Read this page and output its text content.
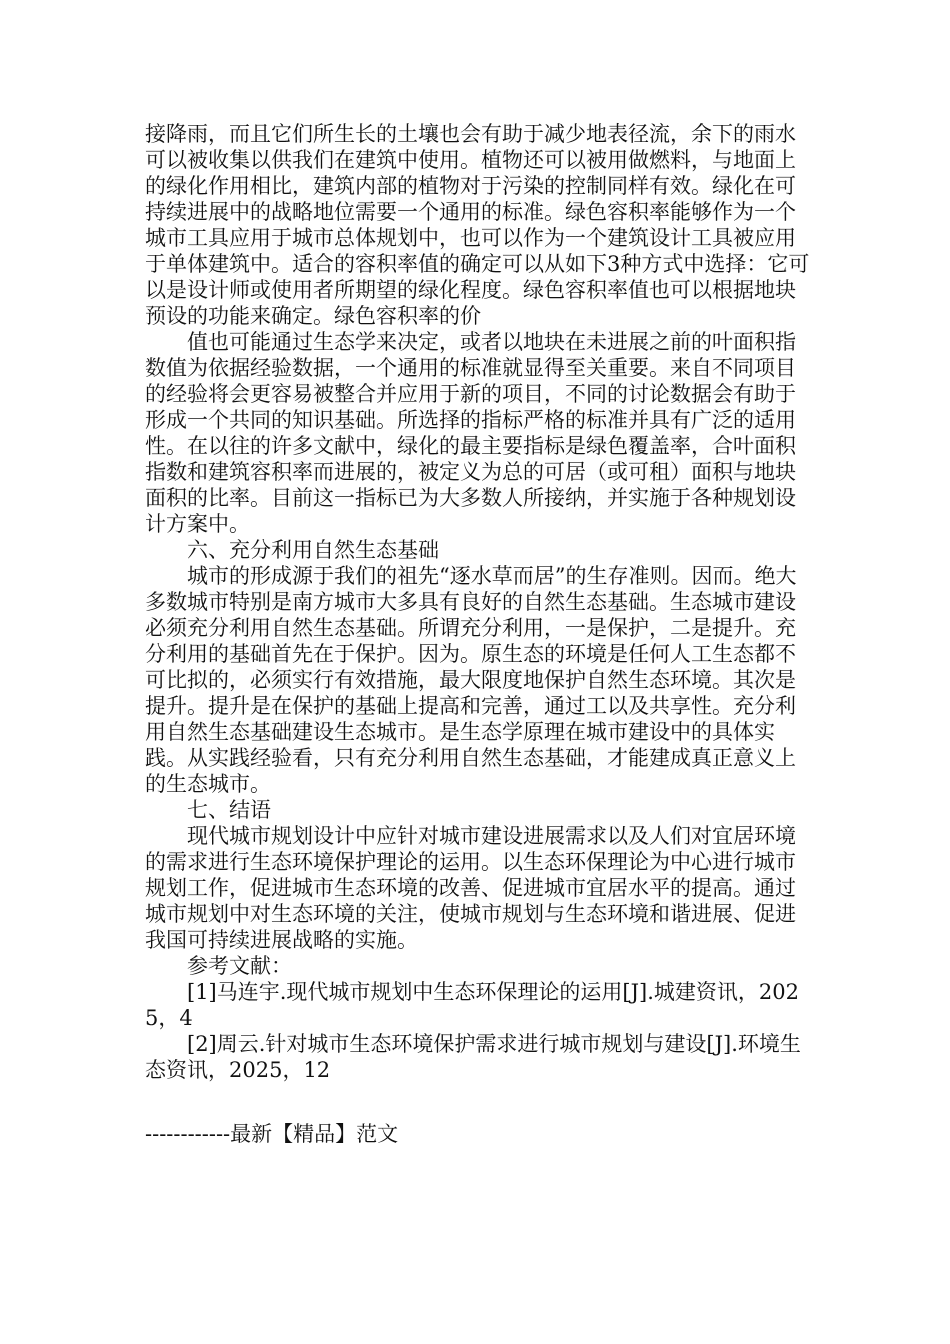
接降雨，而且它们所生长的土壤也会有助于减少地表径流，余下的雨水可以被收集以供我们在建筑中使用。植物还可以被用做燃料，与地面上的绿化作用相比，建筑内部的植物对于污染的控制同样有效。绿化在可持续进展中的战略地位需要一个通用的标准。绿色容积率能够作为一个城市工具应用于城市总体规划中，也可以作为一个建筑设计工具被应用于单体建筑中。适合的容积率值的确定可以从如下3种方式中选择：它可以是设计师或使用者所期望的绿化程度。绿色容积率值也可以根据地块预设的功能来确定。绿色容积率的价

值也可能通过生态学来决定，或者以地块在未进展之前的叶面积指数值为依据经验数据，一个通用的标准就显得至关重要。来自不同项目的经验将会更容易被整合并应用于新的项目，不同的讨论数据会有助于形成一个共同的知识基础。所选择的指标严格的标准并具有广泛的适用性。在以往的许多文献中，绿化的最主要指标是绿色覆盖率，合叶面积指数和建筑容积率而进展的，被定义为总的可居（或可租）面积与地块面积的比率。目前这一指标已为大多数人所接纳，并实施于各种规划设计方案中。

六、充分利用自然生态基础

城市的形成源于我们的祖先“逐水草而居”的生存准则。因而。绝大多数城市特别是南方城市大多具有良好的自然生态基础。生态城市建设必须充分利用自然生态基础。所谓充分利用，一是保护，二是提升。充分利用的基础首先在于保护。因为。原生态的环境是任何人工生态都不可比拟的，必须实行有效措施，最大限度地保护自然生态环境。其次是提升。提升是在保护的基础上提高和完善，通过工以及共享性。充分利用自然生态基础建设生态城市。是生态学原理在城市建设中的具体实践。从实践经验看，只有充分利用自然生态基础，才能建成真正意义上的生态城市。

七、结语

现代城市规划设计中应针对城市建设进展需求以及人们对宜居环境的需求进行生态环境保护理论的运用。以生态环保理论为中心进行城市规划工作，促进城市生态环境的改善、促进城市宜居水平的提高。通过城市规划中对生态环境的关注，使城市规划与生态环境和谐进展、促进我国可持续进展战略的实施。

参考文献：

[1]马连宇.现代城市规划中生态环保理论的运用[J].城建资讯，2025，4

[2]周云.针对城市生态环境保护需求进行城市规划与建设[J].环境生态资讯，2025，12

------------最新【精品】范文
